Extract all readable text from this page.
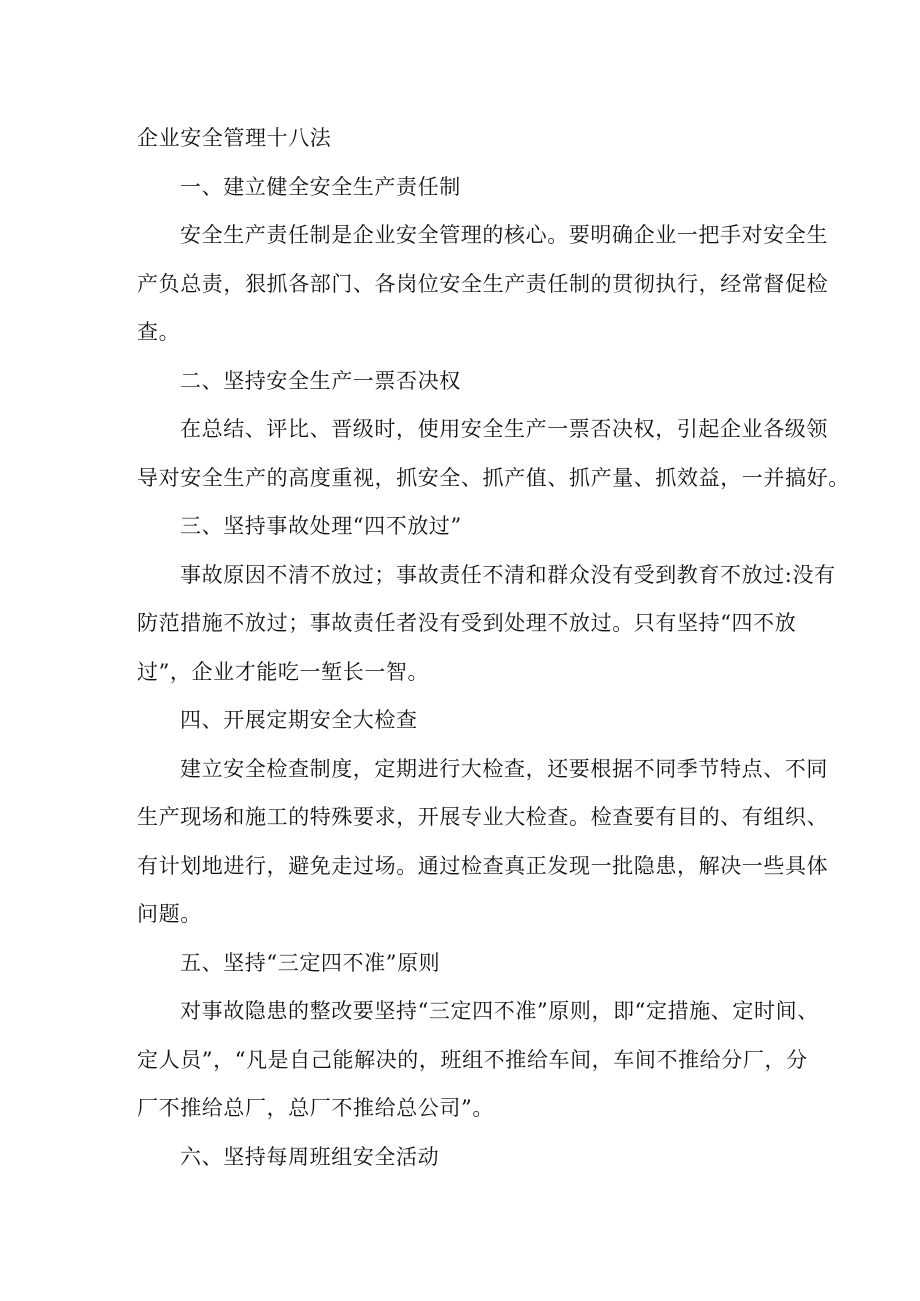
企业安全管理十八法
一、建立健全安全生产责任制

安全生产责任制是企业安全管理的核心。要明确企业一把手对安全生
产负总责，狠抓各部门、各岗位安全生产责任制的贯彻执行，经常督促检
查。

二、坚持安全生产一票否决权

在总结、评比、晋级时，使用安全生产一票否决权，引起企业各级领
导对安全生产的高度重视，抓安全、抓产值、抓产量、抓效益，一并搞好。

三、坚持事故处理“四不放过”

事故原因不清不放过；事故责任不清和群众没有受到教育不放过:没有
防范措施不放过；事故责任者没有受到处理不放过。只有坚持“四不放
过”，企业才能吃一堑长一智。

四、开展定期安全大检查

建立安全检查制度，定期进行大检查，还要根据不同季节特点、不同
生产现场和施工的特殊要求，开展专业大检查。检查要有目的、有组织、
有计划地进行，避免走过场。通过检查真正发现一批隐患，解决一些具体
问题。

五、坚持“三定四不准”原则

对事故隐患的整改要坚持“三定四不准”原则，即“定措施、定时间、
定人员”，“凡是自己能解决的，班组不推给车间，车间不推给分厂，分
厂不推给总厂，总厂不推给总公司”。

六、坚持每周班组安全活动
